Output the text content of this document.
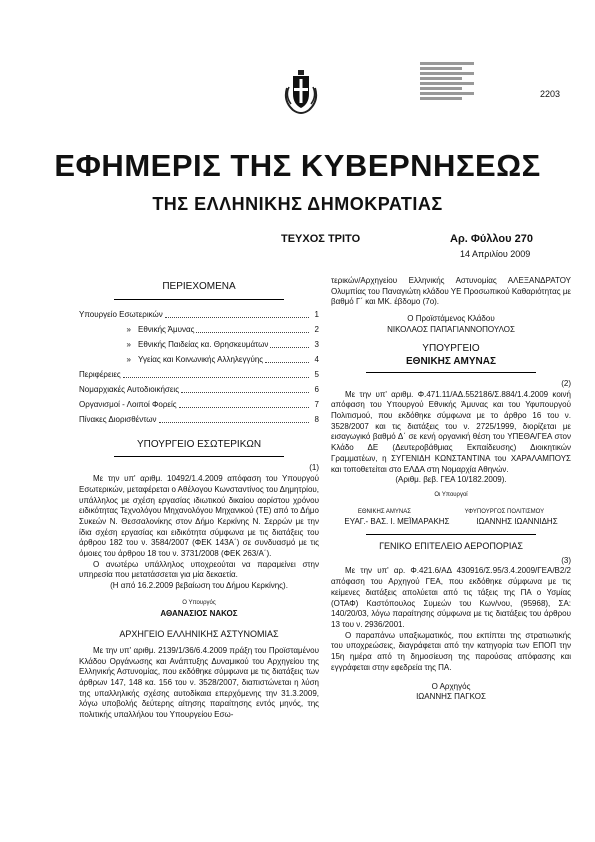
2203
ΕΦΗΜΕΡΙΣ ΤΗΣ ΚΥΒΕΡΝΗΣΕΩΣ
ΤΗΣ ΕΛΛΗΝΙΚΗΣ ΔΗΜΟΚΡΑΤΙΑΣ
ΤΕΥΧΟΣ ΤΡΙΤΟ	Αρ. Φύλλου 270
14 Απριλίου 2009
ΠΕΡΙΕΧΟΜΕΝΑ
Υπουργείο Εσωτερικών	1
» Εθνικής Άμυνας	2
» Εθνικής Παιδείας κα. Θρησκευμάτων	3
» Υγείας και Κοινωνικής Αλληλεγγύης	4
Περιφέρειες	5
Νομαρχιακές Αυτοδιοικήσεις	6
Οργανισμοί - Λοιποί Φορείς	7
Πίνακες Διορισθέντων	8
ΥΠΟΥΡΓΕΙΟ ΕΣΩΤΕΡΙΚΩΝ
(1)
Με την υπ' αριθμ. 10492/1.4.2009 απόφαση του Υπουργού Εσωτερικών, μεταφέρεται ο Αθέλογου Κωνσταντίνος του Δημητρίου, υπάλληλος με σχέση εργασίας ιδιωτικού δικαίου αορίστου χρόνου ειδικότητας Τεχνολόγου Μηχανολόγου Μηχανικού (ΤΕ) από το Δήμο Συκεών Ν. Θεσσαλονίκης στον Δήμο Κερκίνης Ν. Σερρών με την ίδια σχέση εργασίας και ειδικότητα σύμφωνα με τις διατάξεις του άρθρου 182 του ν. 3584/2007 (ΦΕΚ 143Α΄) σε συνδυασμό με τις όμοιες του άρθρου 18 του ν. 3731/2008 (ΦΕΚ 263/Α΄).
Ο ανωτέρω υπάλληλος υποχρεούται να παραμείνει στην υπηρεσία που μετατάσσεται για μία δεκαετία.
(Η από 16.2.2009 βεβαίωση του Δήμου Κερκίνης).
Ο Υπουργός
ΑΘΑΝΑΣΙΟΣ ΝΑΚΟΣ
ΑΡΧΗΓΕΙΟ ΕΛΛΗΝΙΚΗΣ ΑΣΤΥΝΟΜΙΑΣ
Με την υπ' αριθμ. 2139/1/36/6.4.2009 πράξη του Προϊσταμένου Κλάδου Οργάνωσης και Ανάπτυξης Δυναμικού του Αρχηγείου της Ελληνικής Αστυνομίας, που εκδόθηκε σύμφωνα με τις διατάξεις των άρθρων 147, 148 κα. 156 του ν. 3528/2007, διαπιστώνεται η λύση της υπαλληλικής σχέσης αυτοδίκαια επερχόμενης την 31.3.2009, λόγω υποβολής δεύτερης αίτησης παραίτησης εντός μηνός, της πολιτικής υπαλλήλου του Υπουργείου Εσω-
τερικών/Αρχηγείου Ελληνικής Αστυνομίας ΑΛΕΞΑΝΔΡΑΤΟΥ Ολυμπίας του Παναγιώτη κλάδου ΥΕ Προσωπικού Καθαριότητας με βαθμό Γ΄ και ΜΚ. έβδομο (7ο).
Ο Προϊστάμενος Κλάδου
ΝΙΚΟΛΑΟΣ ΠΑΠΑΓΙΑΝΝΟΠΟΥΛΟΣ
ΥΠΟΥΡΓΕΙΟ
ΕΘΝΙΚΗΣ ΑΜΥΝΑΣ
(2)
Με την υπ' αριθμ. Φ.471.11/ΑΔ.552186/Σ.884/1.4.2009 κοινή απόφαση του Υπουργού Εθνικής Άμυνας και του Υφυπουργού Πολιτισμού, που εκδόθηκε σύμφωνα με το άρθρο 16 του ν. 3528/2007 και τις διατάξεις του ν. 2725/1999, διορίζεται με εισαγωγικό βαθμό Δ΄ σε κενή οργανική θέση του ΥΠΕΘΑ/ΓΕΑ στον Κλάδο ΔΕ (Δευτεροβάθμιας Εκπαίδευσης) Διοικητικών Γραμματέων, η ΣΥΓΕΝΙΔΗ ΚΩΝΣΤΑΝΤΙΝΑ του ΧΑΡΑΛΑΜΠΟΥΣ και τοποθετείται στο ΕΛΔΑ στη Νομαρχία Αθηνών.
(Αριθμ. βεβ. ΓΕΑ 10/182.2009).
Οι Υπουργοί
ΕΘΝΙΚΗΣ ΑΜΥΝΑΣ	ΥΦΥΠΟΥΡΓΟΣ ΠΟΛΙΤΙΣΜΟΥ
ΕΥΑΓ.- ΒΑΣ. Ι. ΜΕΪΜΑΡΑΚΗΣ	ΙΩΑΝΝΗΣ ΙΩΑΝΝΙΔΗΣ
ΓΕΝΙΚΟ ΕΠΙΤΕΛΕΙΟ ΑΕΡΟΠΟΡΙΑΣ
(3)
Με την υπ' αρ. Φ.421.6/ΑΔ 430916/Σ.95/3.4.2009/ΓΕΑ/Β2/2 απόφαση του Αρχηγού ΓΕΑ, που εκδόθηκε σύμφωνα με τις κείμενες διατάξεις απολύεται από τις τάξεις της ΠΑ ο Υσμίας (ΟΤΑΦ) Καστόπουλος Συμεών του Κων/νου, (95968), ΣΑ: 140/20/03, λόγω παραίτησης σύμφωνα με τις διατάξεις του άρθρου 13 του ν. 2936/2001.
Ο παραπάνω υπαξιωματικός, που εκπίπτει της στρατιωτικής του υποχρεώσεις, διαγράφεται από την κατηγορία των ΕΠΟΠ την 15η ημέρα από τη δημοσίευση της παρούσας απόφασης και εγγράφεται στην εφεδρεία της ΠΑ.
Ο Αρχηγός
ΙΩΑΝΝΗΣ ΠΑΓΚΟΣ
